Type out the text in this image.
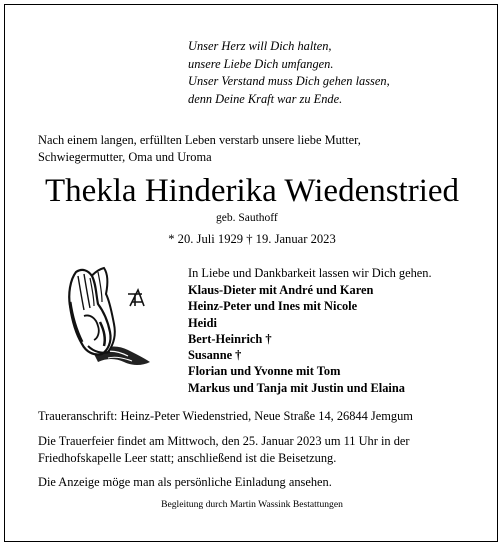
Unser Herz will Dich halten,
unsere Liebe Dich umfangen.
Unser Verstand muss Dich gehen lassen,
denn Deine Kraft war zu Ende.
Nach einem langen, erfüllten Leben verstarb unsere liebe Mutter,
Schwiegermutter, Oma und Uroma
Thekla Hinderika Wiedenstried
geb. Sauthoff
* 20. Juli 1929 † 19. Januar 2023
In Liebe und Dankbarkeit lassen wir Dich gehen.
Klaus-Dieter mit André und Karen
Heinz-Peter und Ines mit Nicole
Heidi
Bert-Heinrich †
Susanne †
Florian und Yvonne mit Tom
Markus und Tanja mit Justin und Elaina
Traueranschrift: Heinz-Peter Wiedenstried, Neue Straße 14, 26844 Jemgum
Die Trauerfeier findet am Mittwoch, den 25. Januar 2023 um 11 Uhr in der
Friedhofskapelle Leer statt; anschließend ist die Beisetzung.
Die Anzeige möge man als persönliche Einladung ansehen.
Begleitung durch Martin Wassink Bestattungen
